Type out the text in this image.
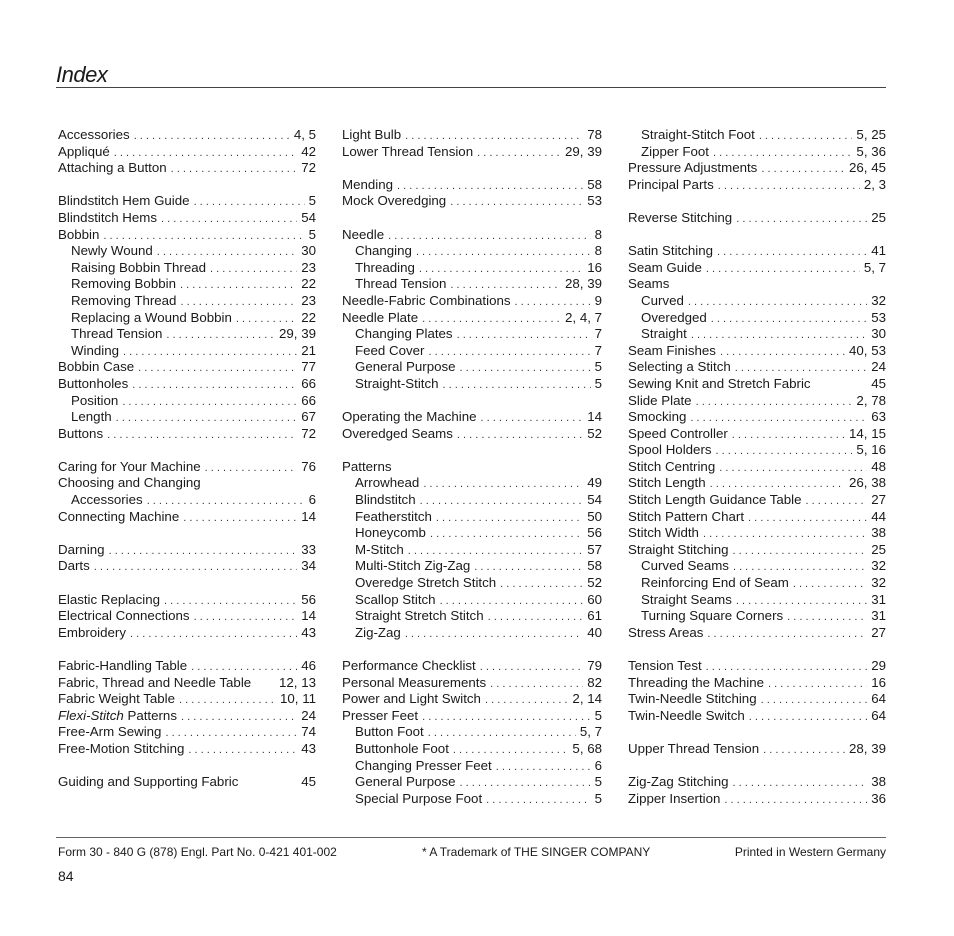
Index
Accessories . . .	4, 5
Appliqué . . .	42
Attaching a Button . . .	72
Blindstitch Hem Guide . . .	5
Blindstitch Hems . . .	54
Bobbin . . .	5
Newly Wound . . .	30
Raising Bobbin Thread . . .	23
Removing Bobbin . . .	22
Removing Thread . . .	23
Replacing a Wound Bobbin . . .	22
Thread Tension . . .	29, 39
Winding . . .	21
Bobbin Case . . .	77
Buttonholes . . .	66
Position . . .	66
Length . . .	67
Buttons . . .	72
Caring for Your Machine . . .	76
Choosing and Changing
Accessories . . .	6
Connecting Machine . . .	14
Darning . . .	33
Darts . . .	34
Elastic Replacing . . .	56
Electrical Connections . . .	14
Embroidery . . .	43
Fabric-Handling Table . . .	46
Fabric, Thread and Needle Table 12, 13
Fabric Weight Table . . .	10, 11
Flexi-Stitch Patterns . . .	24
Free-Arm Sewing . . .	74
Free-Motion Stitching . . .	43
Guiding and Supporting Fabric	45
Light Bulb . . .	78
Lower Thread Tension . . .	29, 39
Mending . . .	58
Mock Overedging . . .	53
Needle . . .	8
Changing . . .	8
Threading . . .	16
Thread Tension . . .	28, 39
Needle-Fabric Combinations . . .	9
Needle Plate . . .	2, 4, 7
Changing Plates . . .	7
Feed Cover . . .	7
General Purpose . . .	5
Straight-Stitch . . .	5
Operating the Machine . . .	14
Overedged Seams . . .	52
Patterns
Arrowhead . . .	49
Blindstitch . . .	54
Featherstitch . . .	50
Honeycomb . . .	56
M-Stitch . . .	57
Multi-Stitch Zig-Zag . . .	58
Overedge Stretch Stitch . . .	52
Scallop Stitch . . .	60
Straight Stretch Stitch . . .	61
Zig-Zag . . .	40
Performance Checklist . . .	79
Personal Measurements . . .	82
Power and Light Switch . . .	2, 14
Presser Feet . . .	5
Button Foot . . .	5, 7
Buttonhole Foot . . .	5, 68
Changing Presser Feet . . .	6
General Purpose . . .	5
Special Purpose Foot . . .	5
Straight-Stitch Foot . . .	5, 25
Zipper Foot . . .	5, 36
Pressure Adjustments . . .	26, 45
Principal Parts . . .	2, 3
Reverse Stitching . . .	25
Satin Stitching . . .	41
Seam Guide . . .	5, 7
Seams
Curved . . .	32
Overedged . . .	53
Straight . . .	30
Seam Finishes . . .	40, 53
Selecting a Stitch . . .	24
Sewing Knit and Stretch Fabric	45
Slide Plate . . .	2, 78
Smocking . . .	63
Speed Controller . . .	14, 15
Spool Holders . . .	5, 16
Stitch Centring . . .	48
Stitch Length . . .	26, 38
Stitch Length Guidance Table . . .	27
Stitch Pattern Chart . . .	44
Stitch Width . . .	38
Straight Stitching . . .	25
Curved Seams . . .	32
Reinforcing End of Seam . . .	32
Straight Seams . . .	31
Turning Square Corners . . .	31
Stress Areas . . .	27
Tension Test . . .	29
Threading the Machine . . .	16
Twin-Needle Stitching . . .	64
Twin-Needle Switch . . .	64
Upper Thread Tension . . .	28, 39
Zig-Zag Stitching . . .	38
Zipper Insertion . . .	36
Form 30 - 840 G (878) Engl. Part No. 0-421 401-002	* A Trademark of THE SINGER COMPANY	Printed in Western Germany
84
